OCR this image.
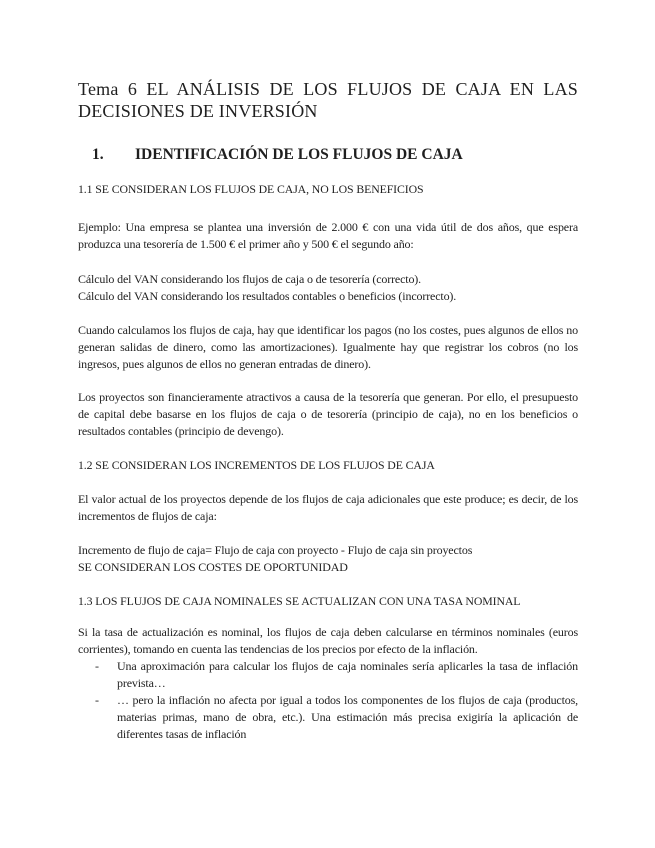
Tema 6 EL ANÁLISIS DE LOS FLUJOS DE CAJA EN LAS
DECISIONES DE INVERSIÓN
1.	IDENTIFICACIÓN DE LOS FLUJOS DE CAJA
1.1 SE CONSIDERAN LOS FLUJOS DE CAJA, NO LOS BENEFICIOS

Ejemplo: Una empresa se plantea una inversión de 2.000 € con una vida útil de dos años, que espera produzca una tesorería de 1.500 € el primer año y 500 € el segundo año:

Cálculo del VAN considerando los flujos de caja o de tesorería (correcto).
Cálculo del VAN considerando los resultados contables o beneficios (incorrecto).

Cuando calculamos los flujos de caja, hay que identificar los pagos (no los costes, pues algunos de ellos no generan salidas de dinero, como las amortizaciones). Igualmente hay que registrar los cobros (no los ingresos, pues algunos de ellos no generan entradas de dinero).

Los proyectos son financieramente atractivos a causa de la tesorería que generan. Por ello, el presupuesto de capital debe basarse en los flujos de caja o de tesorería (principio de caja), no en los beneficios o resultados contables (principio de devengo).

1.2 SE CONSIDERAN LOS INCREMENTOS DE LOS FLUJOS DE CAJA

El valor actual de los proyectos depende de los flujos de caja adicionales que este produce; es decir, de los incrementos de flujos de caja:

Incremento de flujo de caja= Flujo de caja con proyecto - Flujo de caja sin proyectos
SE CONSIDERAN LOS COSTES DE OPORTUNIDAD
1.3 LOS FLUJOS DE CAJA NOMINALES SE ACTUALIZAN CON UNA TASA NOMINAL

Si la tasa de actualización es nominal, los flujos de caja deben calcularse en términos nominales (euros corrientes), tomando en cuenta las tendencias de los precios por efecto de la inflación.

-	Una aproximación para calcular los flujos de caja nominales sería aplicarles la tasa de inflación prevista…
-	… pero la inflación no afecta por igual a todos los componentes de los flujos de caja (productos, materias primas, mano de obra, etc.). Una estimación más precisa exigiría la aplicación de diferentes tasas de inflación
